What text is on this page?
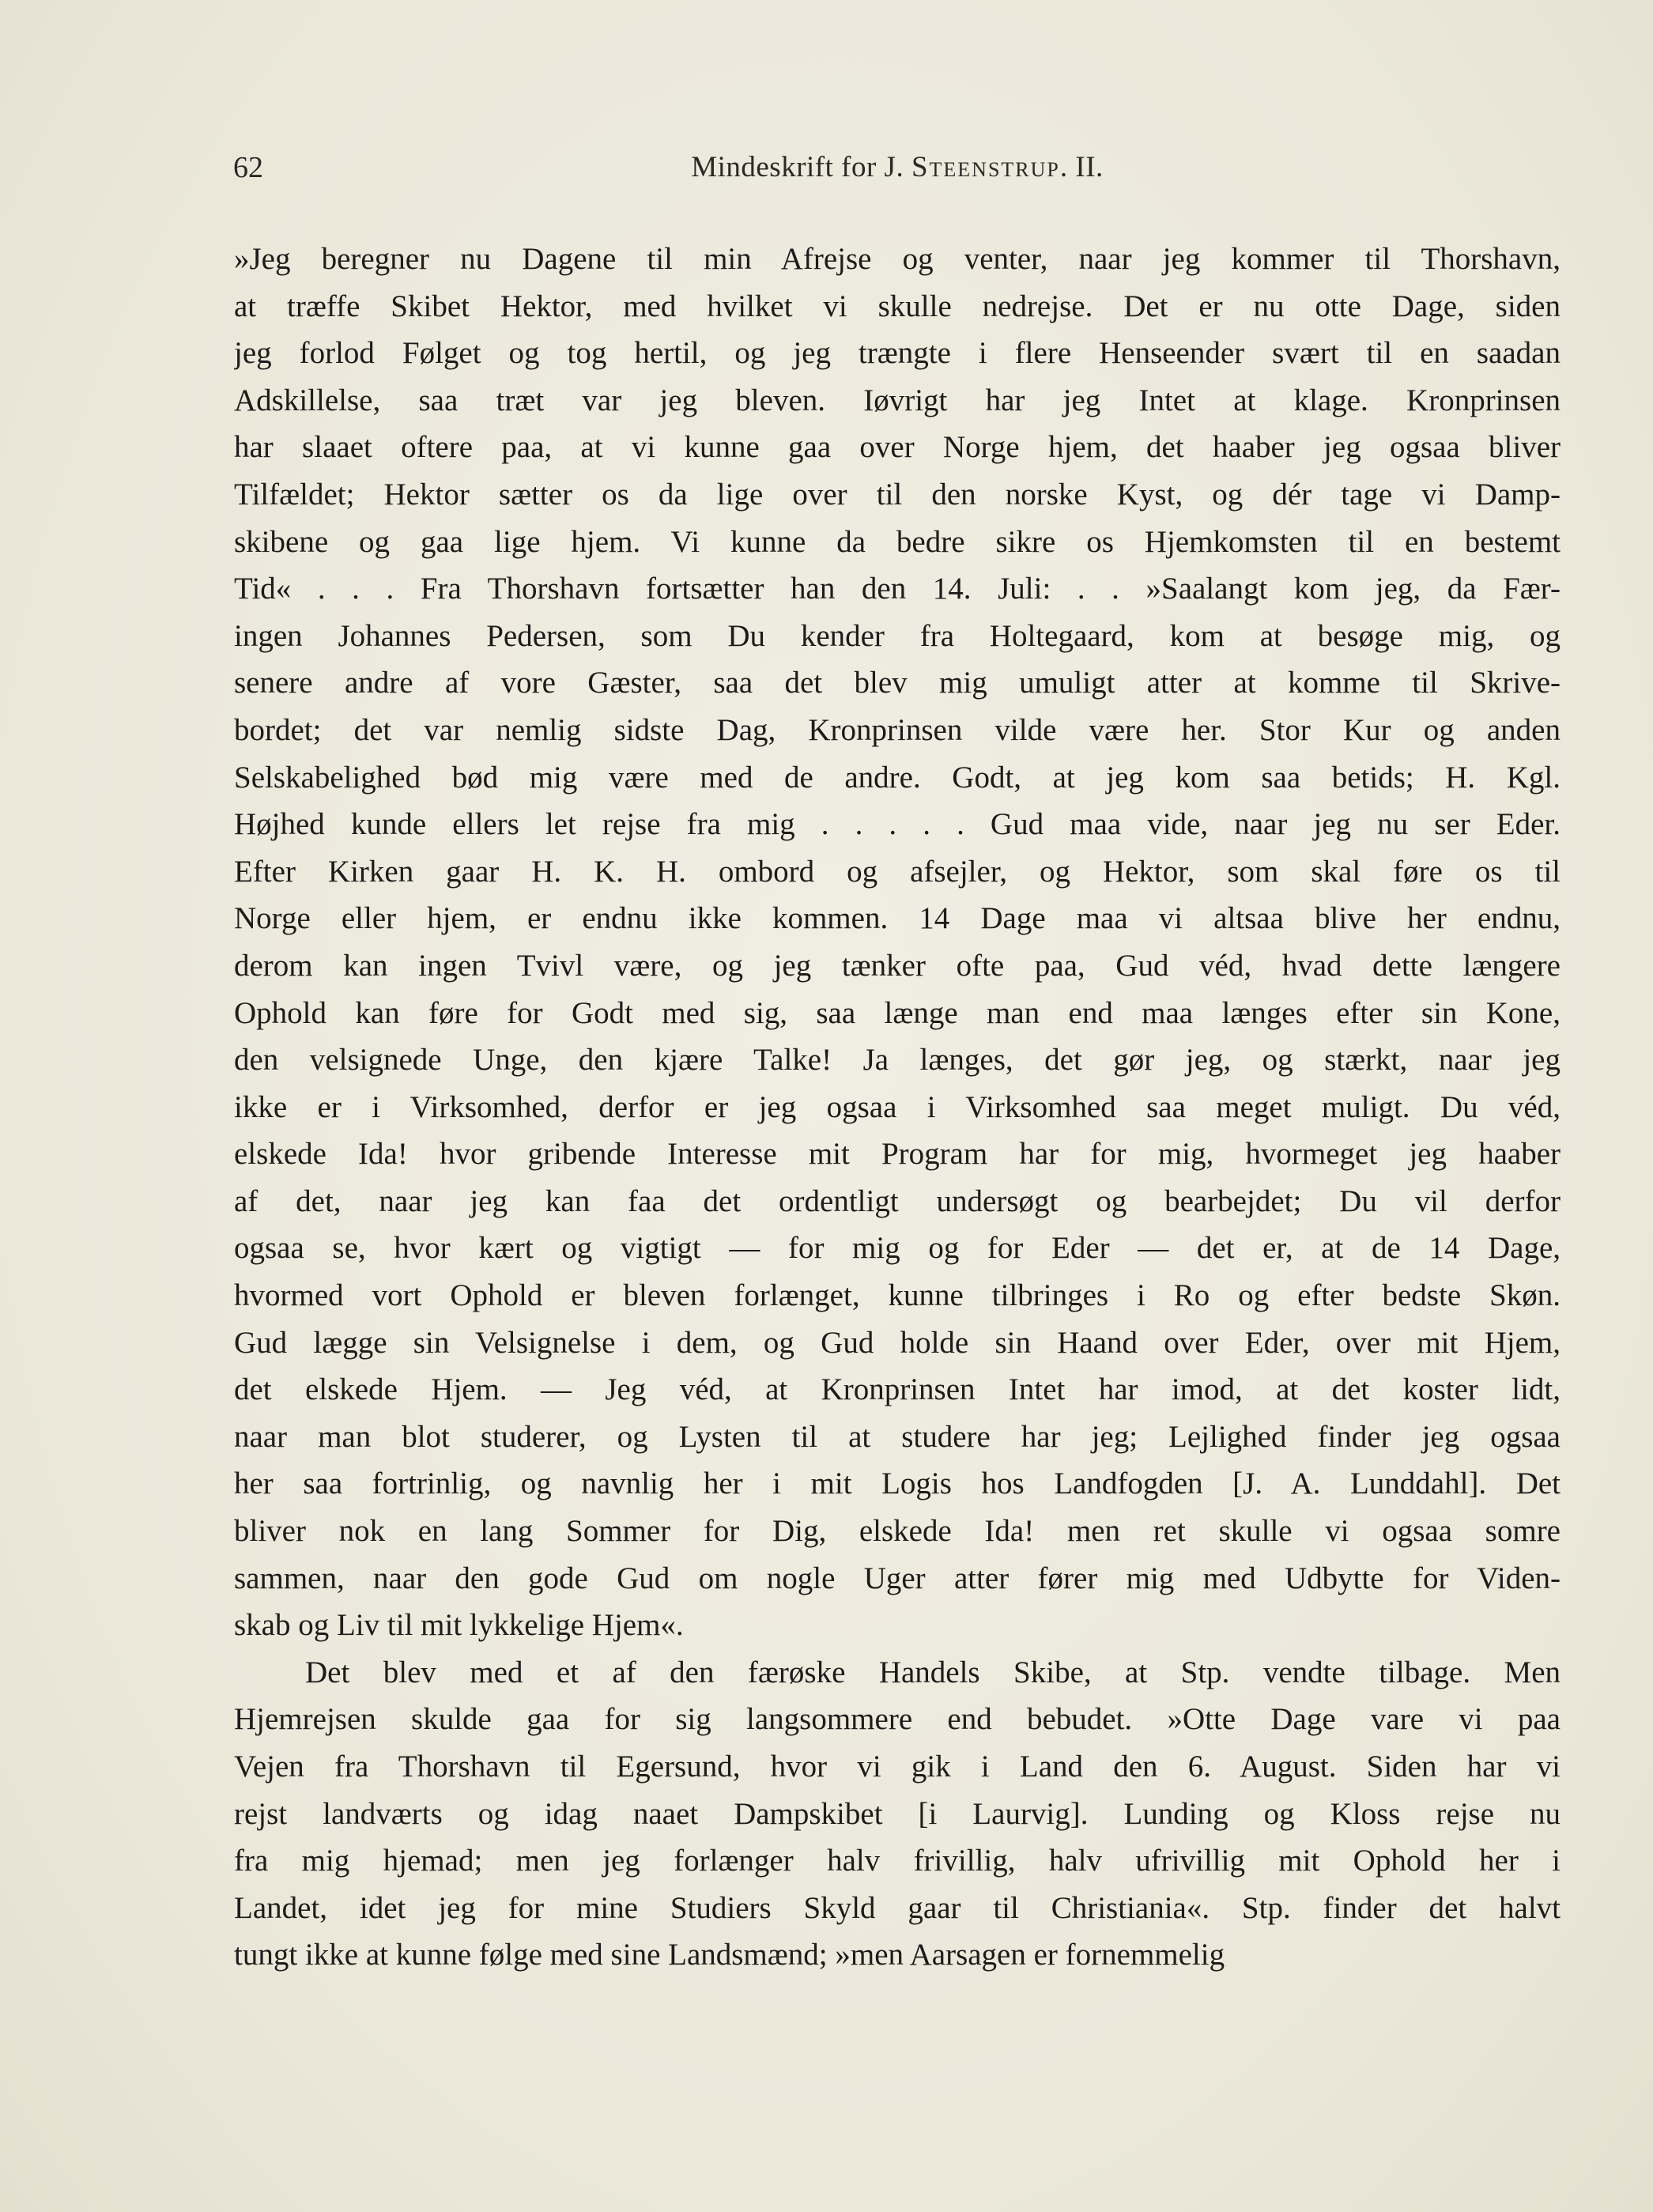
62	Mindeskrift for J. Steenstrup. II.
»Jeg beregner nu Dagene til min Afrejse og venter, naar jeg kommer til Thorshavn,
at træffe Skibet Hektor, med hvilket vi skulle nedrejse. Det er nu otte Dage, siden
jeg forlod Følget og tog hertil, og jeg trængte i flere Henseender svært til en saadan
Adskillelse, saa træt var jeg bleven. Iøvrigt har jeg Intet at klage. Kronprinsen
har slaaet oftere paa, at vi kunne gaa over Norge hjem, det haaber jeg ogsaa bliver
Tilfældet; Hektor sætter os da lige over til den norske Kyst, og dér tage vi Damp-
skibene og gaa lige hjem. Vi kunne da bedre sikre os Hjemkomsten til en bestemt
Tid« . . . Fra Thorshavn fortsætter han den 14. Juli: . . »Saalangt kom jeg, da Fær-
ingen Johannes Pedersen, som Du kender fra Holtegaard, kom at besøge mig, og
senere andre af vore Gæster, saa det blev mig umuligt atter at komme til Skrive-
bordet; det var nemlig sidste Dag, Kronprinsen vilde være her. Stor Kur og anden
Selskabelighed bød mig være med de andre. Godt, at jeg kom saa betids; H. Kgl.
Højhed kunde ellers let rejse fra mig . . . . . Gud maa vide, naar jeg nu ser Eder.
Efter Kirken gaar H. K. H. ombord og afsejler, og Hektor, som skal føre os til
Norge eller hjem, er endnu ikke kommen. 14 Dage maa vi altsaa blive her endnu,
derom kan ingen Tvivl være, og jeg tænker ofte paa, Gud véd, hvad dette længere
Ophold kan føre for Godt med sig, saa længe man end maa længes efter sin Kone,
den velsignede Unge, den kjære Talke! Ja længes, det gør jeg, og stærkt, naar jeg
ikke er i Virksomhed, derfor er jeg ogsaa i Virksomhed saa meget muligt. Du véd,
elskede Ida! hvor gribende Interesse mit Program har for mig, hvormeget jeg haaber
af det, naar jeg kan faa det ordentligt undersøgt og bearbejdet; Du vil derfor
ogsaa se, hvor kært og vigtigt — for mig og for Eder — det er, at de 14 Dage,
hvormed vort Ophold er bleven forlænget, kunne tilbringes i Ro og efter bedste Skøn.
Gud lægge sin Velsignelse i dem, og Gud holde sin Haand over Eder, over mit Hjem,
det elskede Hjem. — Jeg véd, at Kronprinsen Intet har imod, at det koster lidt,
naar man blot studerer, og Lysten til at studere har jeg; Lejlighed finder jeg ogsaa
her saa fortrinlig, og navnlig her i mit Logis hos Landfogden [J. A. Lunddahl]. Det
bliver nok en lang Sommer for Dig, elskede Ida! men ret skulle vi ogsaa somre
sammen, naar den gode Gud om nogle Uger atter fører mig med Udbytte for Viden-
skab og Liv til mit lykkelige Hjem«.
Det blev med et af den færøske Handels Skibe, at Stp. vendte tilbage. Men
Hjemrejsen skulde gaa for sig langsommere end bebudet. »Otte Dage vare vi paa
Vejen fra Thorshavn til Egersund, hvor vi gik i Land den 6. August. Siden har vi
rejst landværts og idag naaet Dampskibet [i Laurvig]. Lunding og Kloss rejse nu
fra mig hjemad; men jeg forlænger halv frivillig, halv ufrivillig mit Ophold her i
Landet, idet jeg for mine Studiers Skyld gaar til Christiania«. Stp. finder det halvt
tungt ikke at kunne følge med sine Landsmænd; »men Aarsagen er fornemmelig
